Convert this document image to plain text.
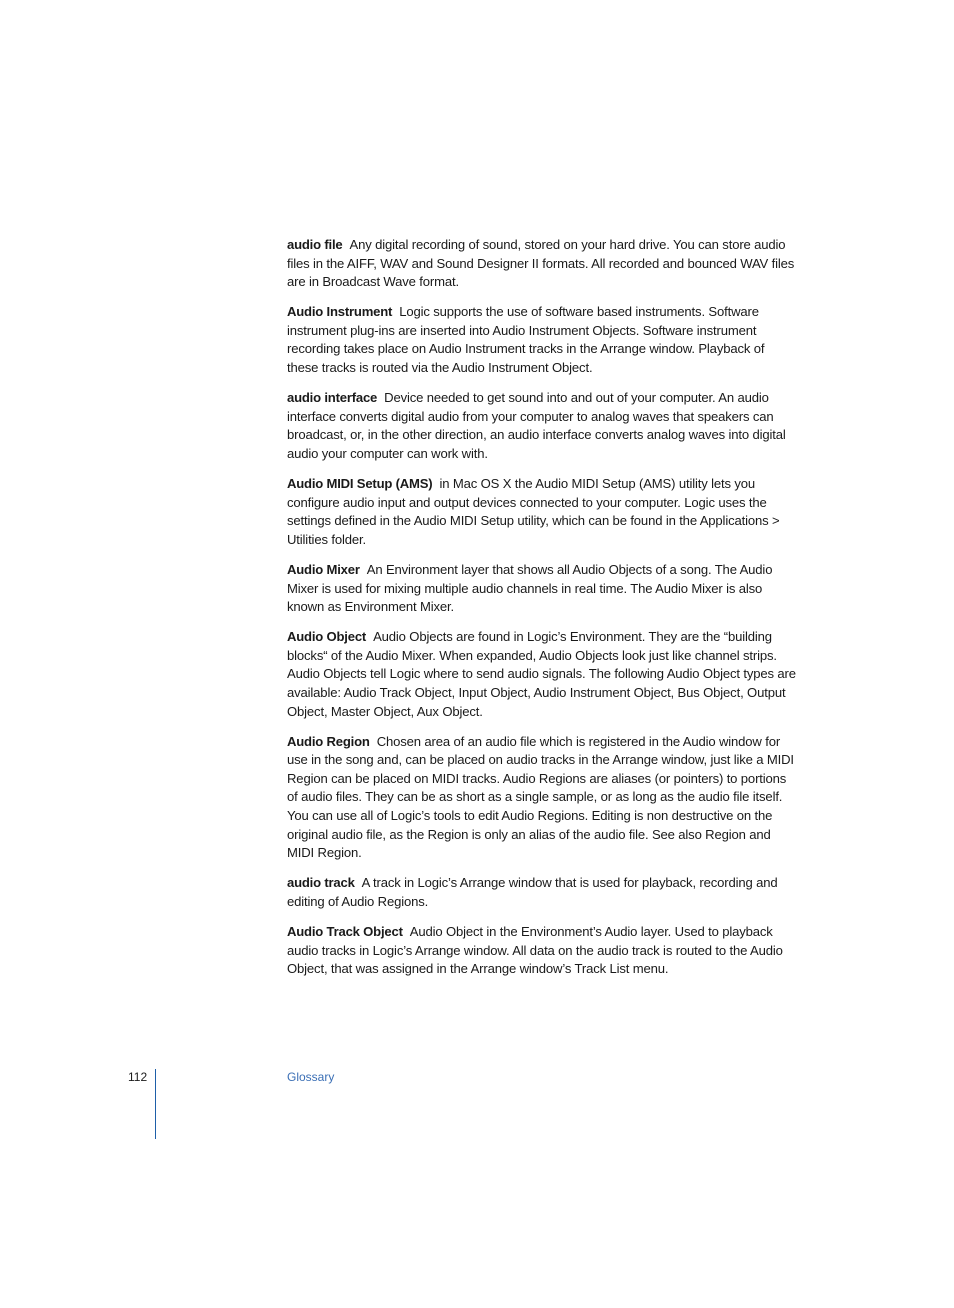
audio file Any digital recording of sound, stored on your hard drive. You can store audio files in the AIFF, WAV and Sound Designer II formats. All recorded and bounced WAV files are in Broadcast Wave format.

Audio Instrument Logic supports the use of software based instruments. Software instrument plug-ins are inserted into Audio Instrument Objects. Software instrument recording takes place on Audio Instrument tracks in the Arrange window. Playback of these tracks is routed via the Audio Instrument Object.

audio interface Device needed to get sound into and out of your computer. An audio interface converts digital audio from your computer to analog waves that speakers can broadcast, or, in the other direction, an audio interface converts analog waves into digital audio your computer can work with.

Audio MIDI Setup (AMS) in Mac OS X the Audio MIDI Setup (AMS) utility lets you configure audio input and output devices connected to your computer. Logic uses the settings defined in the Audio MIDI Setup utility, which can be found in the Applications > Utilities folder.

Audio Mixer An Environment layer that shows all Audio Objects of a song. The Audio Mixer is used for mixing multiple audio channels in real time. The Audio Mixer is also known as Environment Mixer.

Audio Object Audio Objects are found in Logic’s Environment. They are the “building blocks“ of the Audio Mixer. When expanded, Audio Objects look just like channel strips. Audio Objects tell Logic where to send audio signals. The following Audio Object types are available: Audio Track Object, Input Object, Audio Instrument Object, Bus Object, Output Object, Master Object, Aux Object.

Audio Region Chosen area of an audio file which is registered in the Audio window for use in the song and, can be placed on audio tracks in the Arrange window, just like a MIDI Region can be placed on MIDI tracks. Audio Regions are aliases (or pointers) to portions of audio files. They can be as short as a single sample, or as long as the audio file itself. You can use all of Logic’s tools to edit Audio Regions. Editing is non destructive on the original audio file, as the Region is only an alias of the audio file. See also Region and MIDI Region.

audio track A track in Logic’s Arrange window that is used for playback, recording and editing of Audio Regions.

Audio Track Object Audio Object in the Environment’s Audio layer. Used to playback audio tracks in Logic’s Arrange window. All data on the audio track is routed to the Audio Object, that was assigned in the Arrange window’s Track List menu.

112	Glossary
